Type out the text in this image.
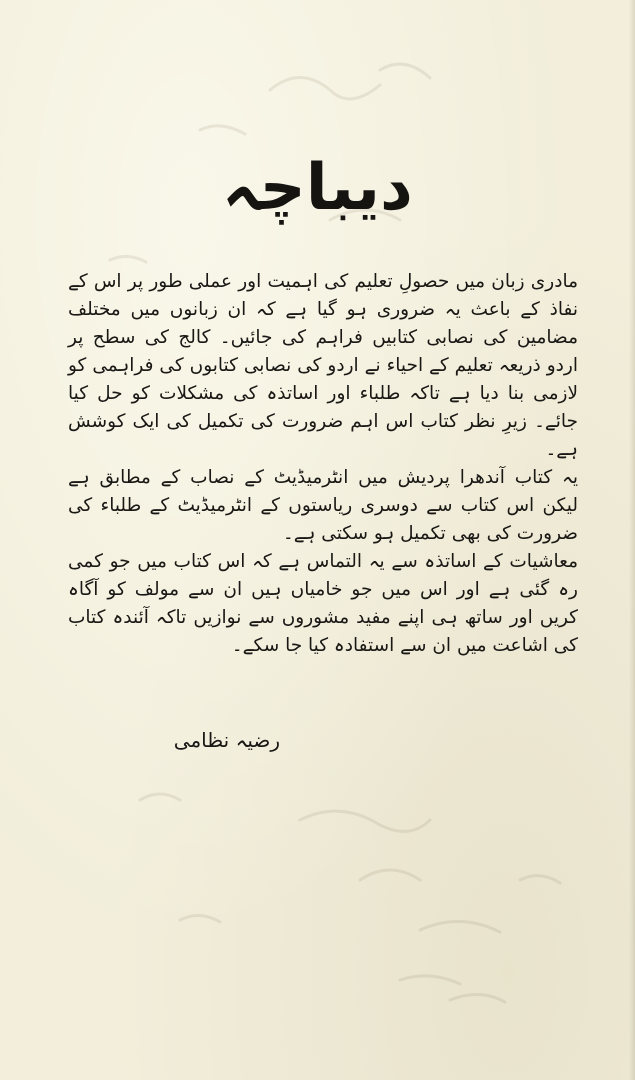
دیباچہ

مادری زبان میں حصولِ تعلیم کی اہمیت اور عملی طور پر اس کے نفاذ کے باعث یہ ضروری ہو گیا ہے کہ ان زبانوں میں مختلف مضامین کی نصابی کتابیں فراہم کی جائیں۔ کالج کی سطح پر اردو ذریعہ تعلیم کے احیاء نے اردو کی نصابی کتابوں کی فراہمی کو لازمی بنا دیا ہے تاکہ طلباء اور اساتذہ کی مشکلات کو حل کیا جائے۔ زیرِ نظر کتاب اس اہم ضرورت کی تکمیل کی ایک کوشش ہے۔

یہ کتاب آندھرا پردیش میں انٹرمیڈیٹ کے نصاب کے مطابق ہے لیکن اس کتاب سے دوسری ریاستوں کے انٹرمیڈیٹ کے طلباء کی ضرورت کی بھی تکمیل ہو سکتی ہے۔

معاشیات کے اساتذہ سے یہ التماس ہے کہ اس کتاب میں جو کمی رہ گئی ہے اور اس میں جو خامیاں ہیں ان سے مولف کو آگاہ کریں اور ساتھ ہی اپنے مفید مشوروں سے نوازیں تاکہ آئندہ کتاب کی اشاعت میں ان سے استفادہ کیا جا سکے۔

رضیہ نظامی
